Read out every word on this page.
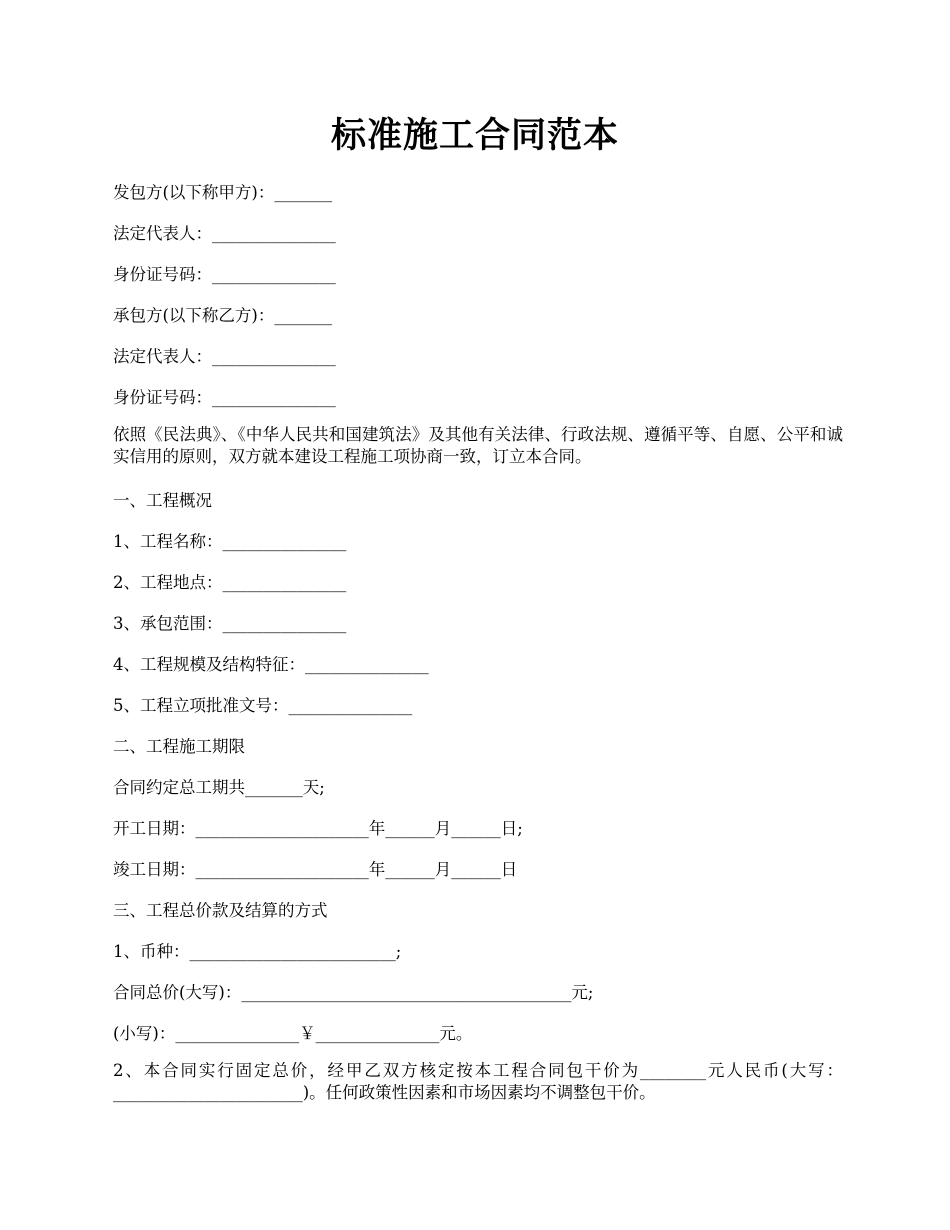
标准施工合同范本
发包方(以下称甲方)：_______
法定代表人：_______________
身份证号码：_______________
承包方(以下称乙方)：_______
法定代表人：_______________
身份证号码：_______________
依照《民法典》、《中华人民共和国建筑法》及其他有关法律、行政法规、遵循平等、自愿、公平和诚实信用的原则，双方就本建设工程施工项协商一致，订立本合同。
一、工程概况
1、工程名称：_______________
2、工程地点：_______________
3、承包范围：_______________
4、工程规模及结构特征：_______________
5、工程立项批准文号：_______________
二、工程施工期限
合同约定总工期共_______天;
开工日期：_____________________年______月______日;
竣工日期：_____________________年______月______日
三、工程总价款及结算的方式
1、币种：_________________________;
合同总价(大写)：________________________________________元;
(小写)：_______________￥_______________元。
2、本合同实行固定总价，经甲乙双方核定按本工程合同包干价为________元人民币(大写：_______________________)。任何政策性因素和市场因素均不调整包干价。
